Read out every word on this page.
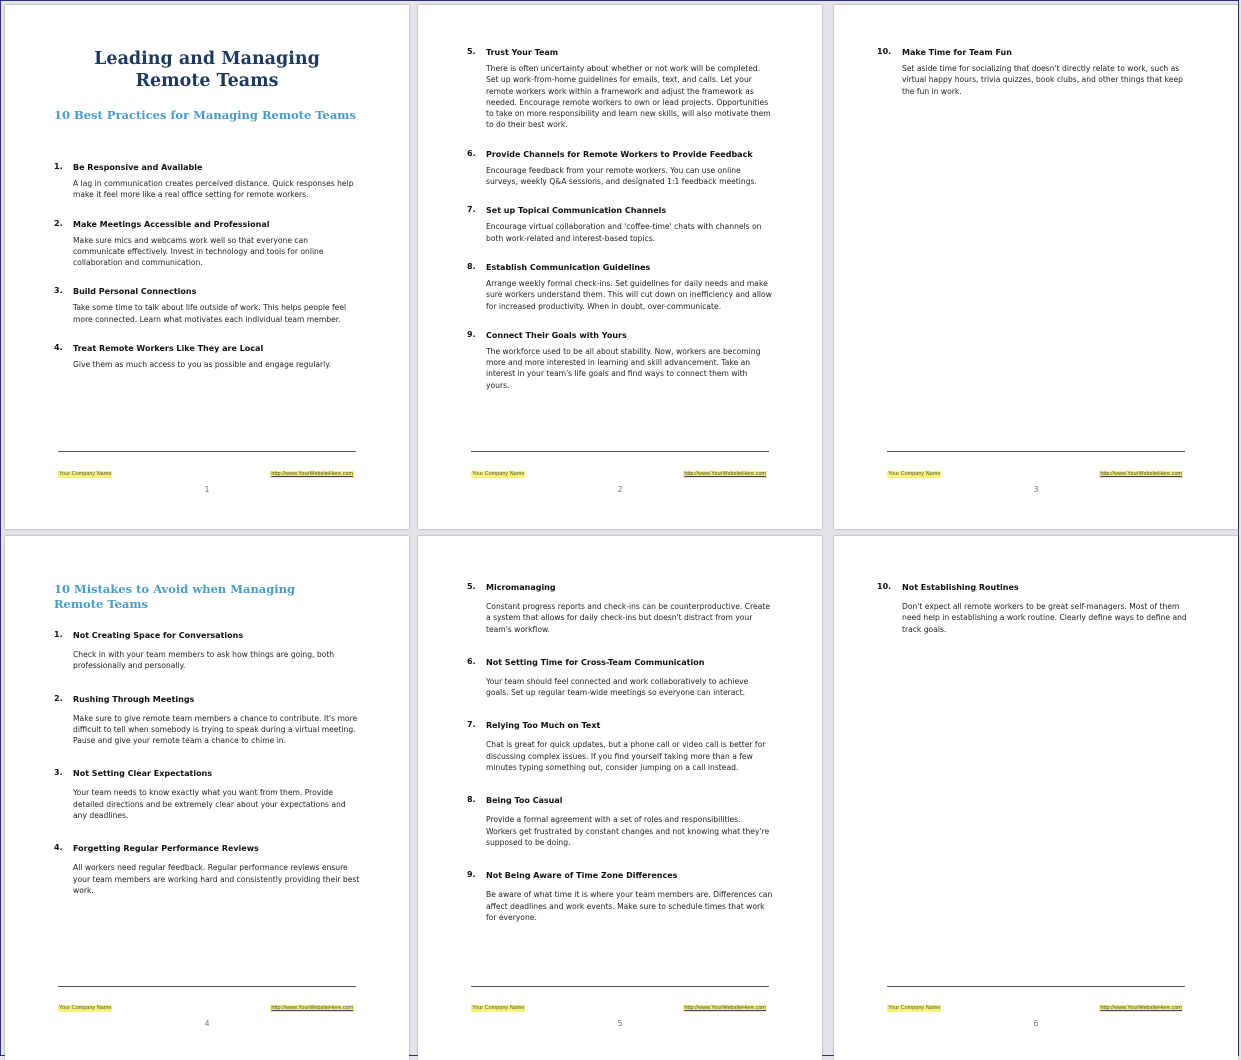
Leading and Managing Remote Teams
10 Best Practices for Managing Remote Teams
1. Be Responsive and Available
A lag in communication creates perceived distance. Quick responses help make it feel more like a real office setting for remote workers.
2. Make Meetings Accessible and Professional
Make sure mics and webcams work well so that everyone can communicate effectively. Invest in technology and tools for online collaboration and communication.
3. Build Personal Connections
Take some time to talk about life outside of work. This helps people feel more connected. Learn what motivates each individual team member.
4. Treat Remote Workers Like They are Local
Give them as much access to you as possible and engage regularly.
Your Company Name	http://www.YourWebsiteHere.com
1
5. Trust Your Team
There is often uncertainty about whether or not work will be completed. Set up work-from-home guidelines for emails, text, and calls. Let your remote workers work within a framework and adjust the framework as needed. Encourage remote workers to own or lead projects. Opportunities to take on more responsibility and learn new skills, will also motivate them to do their best work.
6. Provide Channels for Remote Workers to Provide Feedback
Encourage feedback from your remote workers. You can use online surveys, weekly Q&A sessions, and designated 1:1 feedback meetings.
7. Set up Topical Communication Channels
Encourage virtual collaboration and 'coffee-time' chats with channels on both work-related and interest-based topics.
8. Establish Communication Guidelines
Arrange weekly formal check-ins. Set guidelines for daily needs and make sure workers understand them. This will cut down on inefficiency and allow for increased productivity. When in doubt, over-communicate.
9. Connect Their Goals with Yours
The workforce used to be all about stability. Now, workers are becoming more and more interested in learning and skill advancement. Take an interest in your team's life goals and find ways to connect them with yours.
Your Company Name	http://www.YourWebsiteHere.com
2
10. Make Time for Team Fun
Set aside time for socializing that doesn't directly relate to work, such as virtual happy hours, trivia quizzes, book clubs, and other things that keep the fun in work.
Your Company Name	http://www.YourWebsiteHere.com
3
10 Mistakes to Avoid when Managing Remote Teams
1. Not Creating Space for Conversations
Check in with your team members to ask how things are going, both professionally and personally.
2. Rushing Through Meetings
Make sure to give remote team members a chance to contribute. It's more difficult to tell when somebody is trying to speak during a virtual meeting. Pause and give your remote team a chance to chime in.
3. Not Setting Clear Expectations
Your team needs to know exactly what you want from them. Provide detailed directions and be extremely clear about your expectations and any deadlines.
4. Forgetting Regular Performance Reviews
All workers need regular feedback. Regular performance reviews ensure your team members are working hard and consistently providing their best work.
Your Company Name	http://www.YourWebsiteHere.com
4
5. Micromanaging
Constant progress reports and check-ins can be counterproductive. Create a system that allows for daily check-ins but doesn't distract from your team's workflow.
6. Not Setting Time for Cross-Team Communication
Your team should feel connected and work collaboratively to achieve goals. Set up regular team-wide meetings so everyone can interact.
7. Relying Too Much on Text
Chat is great for quick updates, but a phone call or video call is better for discussing complex issues. If you find yourself taking more than a few minutes typing something out, consider jumping on a call instead.
8. Being Too Casual
Provide a formal agreement with a set of roles and responsibilities. Workers get frustrated by constant changes and not knowing what they're supposed to be doing.
9. Not Being Aware of Time Zone Differences
Be aware of what time it is where your team members are. Differences can affect deadlines and work events. Make sure to schedule times that work for everyone.
Your Company Name	http://www.YourWebsiteHere.com
5
10. Not Establishing Routines
Don't expect all remote workers to be great self-managers. Most of them need help in establishing a work routine. Clearly define ways to define and track goals.
Your Company Name	http://www.YourWebsiteHere.com
6
